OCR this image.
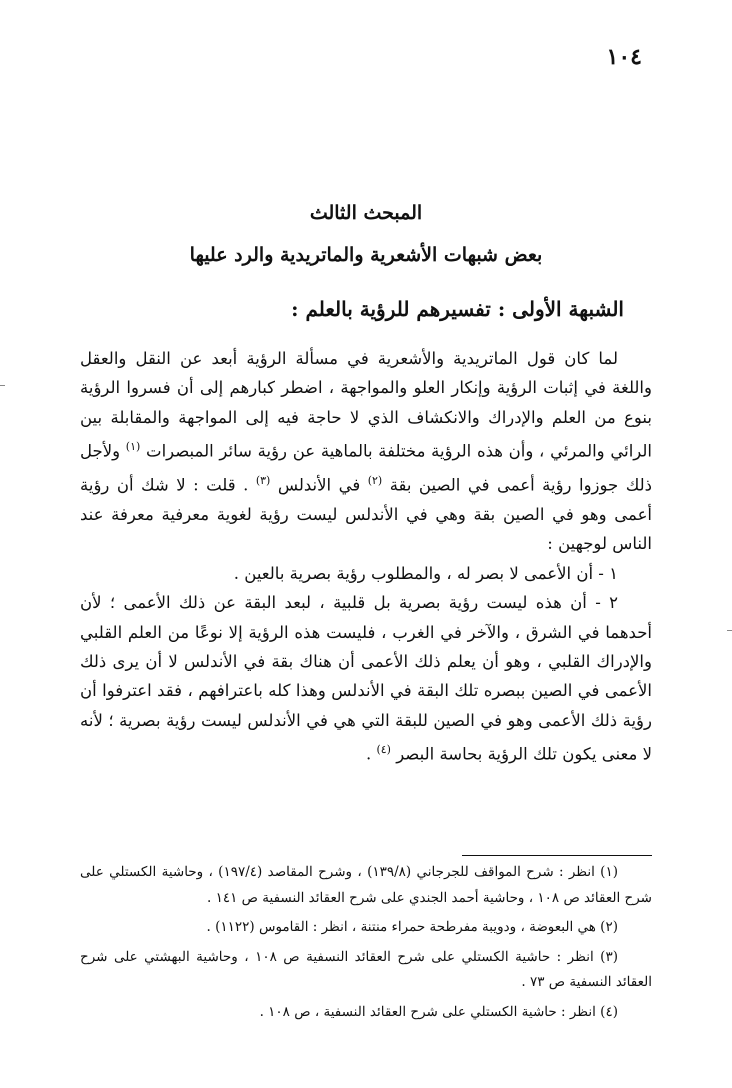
١٠٤
المبحث الثالث
بعض شبهات الأشعرية والماتريدية والرد عليها
الشبهة الأولى : تفسيرهم للرؤية بالعلم :

لما كان قول الماتريدية والأشعرية في مسألة الرؤية أبعد عن النقل والعقل واللغة في إثبات الرؤية وإنكار العلو والمواجهة ، اضطر كبارهم إلى أن فسروا الرؤية بنوع من العلم والإدراك والانكشاف الذي لا حاجة فيه إلى المواجهة والمقابلة بين الرائي والمرئي ، وأن هذه الرؤية مختلفة بالماهية عن رؤية سائر المبصرات $^{(١)}$ ولأجل ذلك جوزوا رؤية أعمى في الصين بقة $^{(٢)}$ في الأندلس $^{(٣)}$ . قلت : لا شك أن رؤية أعمى وهو في الصين بقة وهي في الأندلس ليست رؤية لغوية معرفية معرفة عند الناس لوجهين :

١ - أن الأعمى لا بصر له ، والمطلوب رؤية بصرية بالعين .

٢ - أن هذه ليست رؤية بصرية بل قلبية ، لبعد البقة عن ذلك الأعمى ؛ لأن أحدهما في الشرق ، والآخر في الغرب ، فليست هذه الرؤية إلا نوعًا من العلم القلبي والإدراك القلبي ، وهو أن يعلم ذلك الأعمى أن هناك بقة في الأندلس لا أن يرى ذلك الأعمى في الصين ببصره تلك البقة في الأندلس وهذا كله باعترافهم ، فقد اعترفوا أن رؤية ذلك الأعمى وهو في الصين للبقة التي هي في الأندلس ليست رؤية بصرية ؛ لأنه لا معنى يكون تلك الرؤية بحاسة البصر $^{(٤)}$ .

(١) انظر : شرح المواقف للجرجاني (١٣٩/٨) ، وشرح المقاصد (١٩٧/٤) ، وحاشية الكستلي على شرح العقائد ص ١٠٨ ، وحاشية أحمد الجندي على شرح العقائد النسفية ص ١٤١ .

(٢) هي البعوضة ، ودويبة مفرطحة حمراء منتنة ، انظر : القاموس (١١٢٢) .

(٣) انظر : حاشية الكستلي على شرح العقائد النسفية ص ١٠٨ ، وحاشية البهشتي على شرح العقائد النسفية ص ٧٣ .

(٤) انظر : حاشية الكستلي على شرح العقائد النسفية ، ص ١٠٨ .
